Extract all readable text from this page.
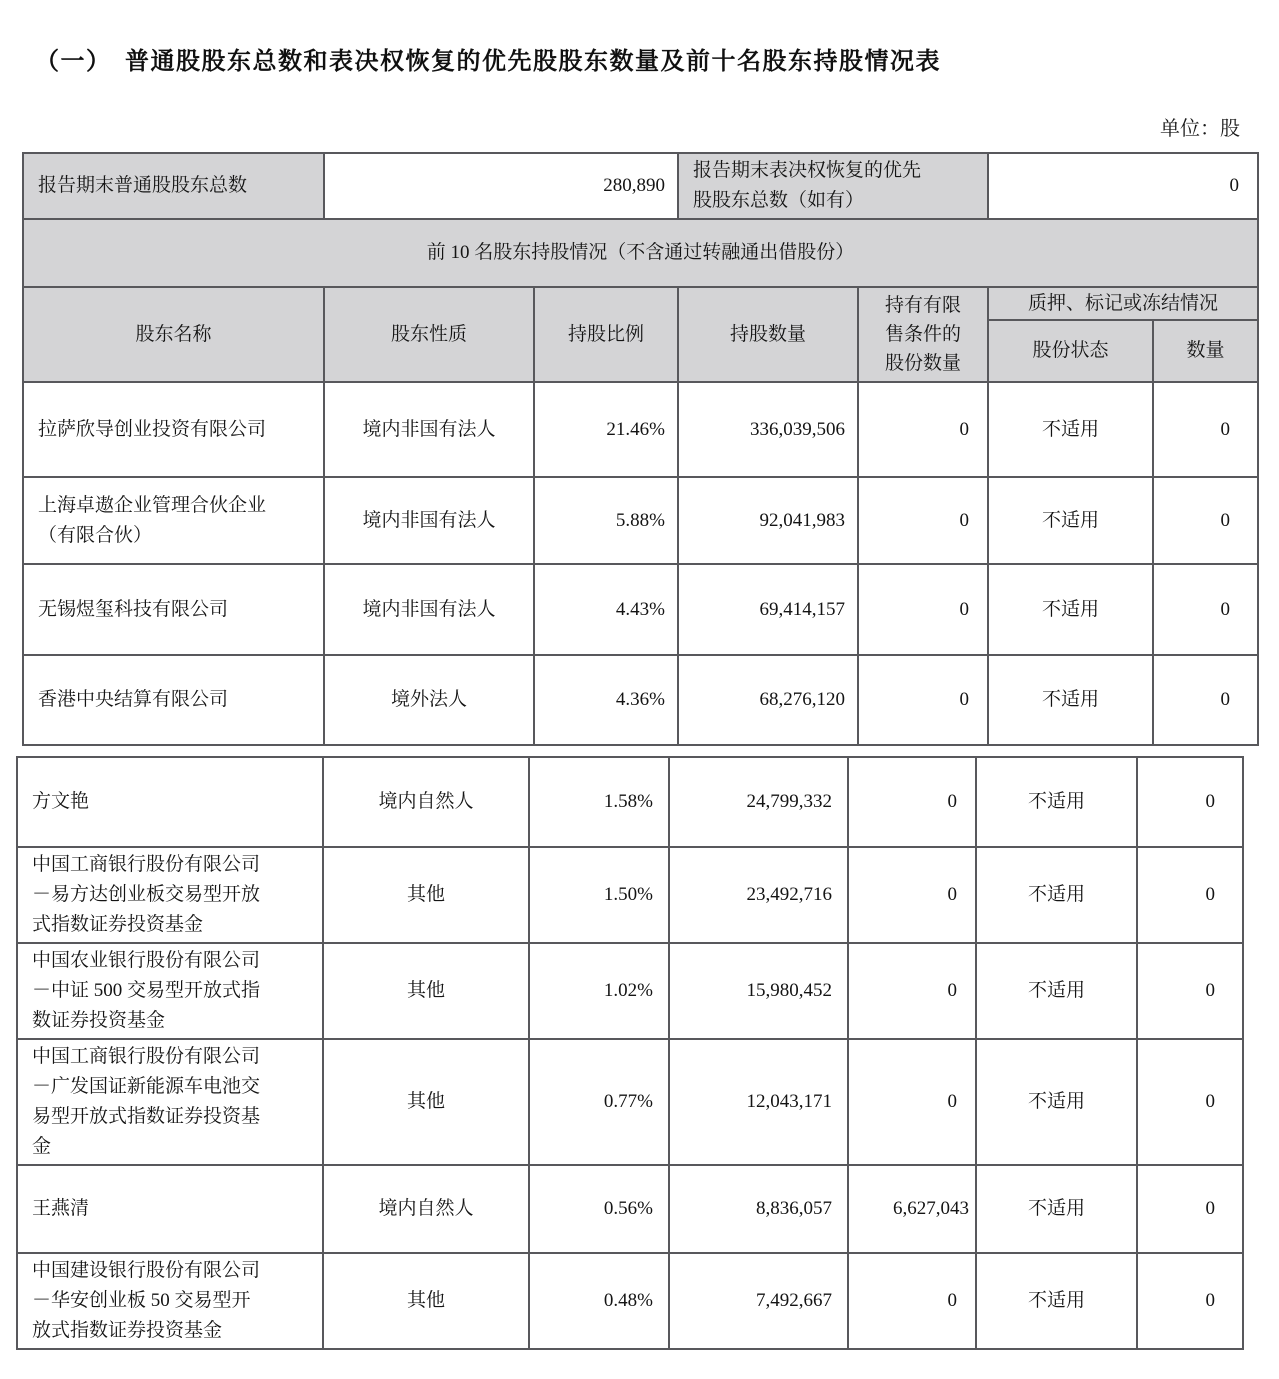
（一）　普通股股东总数和表决权恢复的优先股股东数量及前十名股东持股情况表
单位：股
报告期末普通股股东总数	280,890		报告期末表决权恢复的优先股股东总数（如有）		0	
前 10 名股东持股情况（不含通过转融通出借股份）						
股东名称	股东性质	持股比例	持股数量	持有有限售条件的股份数量	质押、标记或冻结情况	
					股份状态	数量
拉萨欣导创业投资有限公司	境内非国有法人	21.46%	336,039,506	0	不适用	0
上海卓遨企业管理合伙企业（有限合伙）	境内非国有法人	5.88%	92,041,983	0	不适用	0
无锡煜玺科技有限公司	境内非国有法人	4.43%	69,414,157	0	不适用	0
香港中央结算有限公司	境外法人	4.36%	68,276,120	0	不适用	0
方文艳	境内自然人	1.58%	24,799,332	0	不适用	0
中国工商银行股份有限公司－易方达创业板交易型开放式指数证券投资基金	其他	1.50%	23,492,716	0	不适用	0
中国农业银行股份有限公司－中证 500 交易型开放式指数证券投资基金	其他	1.02%	15,980,452	0	不适用	0
中国工商银行股份有限公司－广发国证新能源车电池交易型开放式指数证券投资基金	其他	0.77%	12,043,171	0	不适用	0
王燕清	境内自然人	0.56%	8,836,057	6,627,043	不适用	0
中国建设银行股份有限公司－华安创业板 50 交易型开放式指数证券投资基金	其他	0.48%	7,492,667	0	不适用	0
